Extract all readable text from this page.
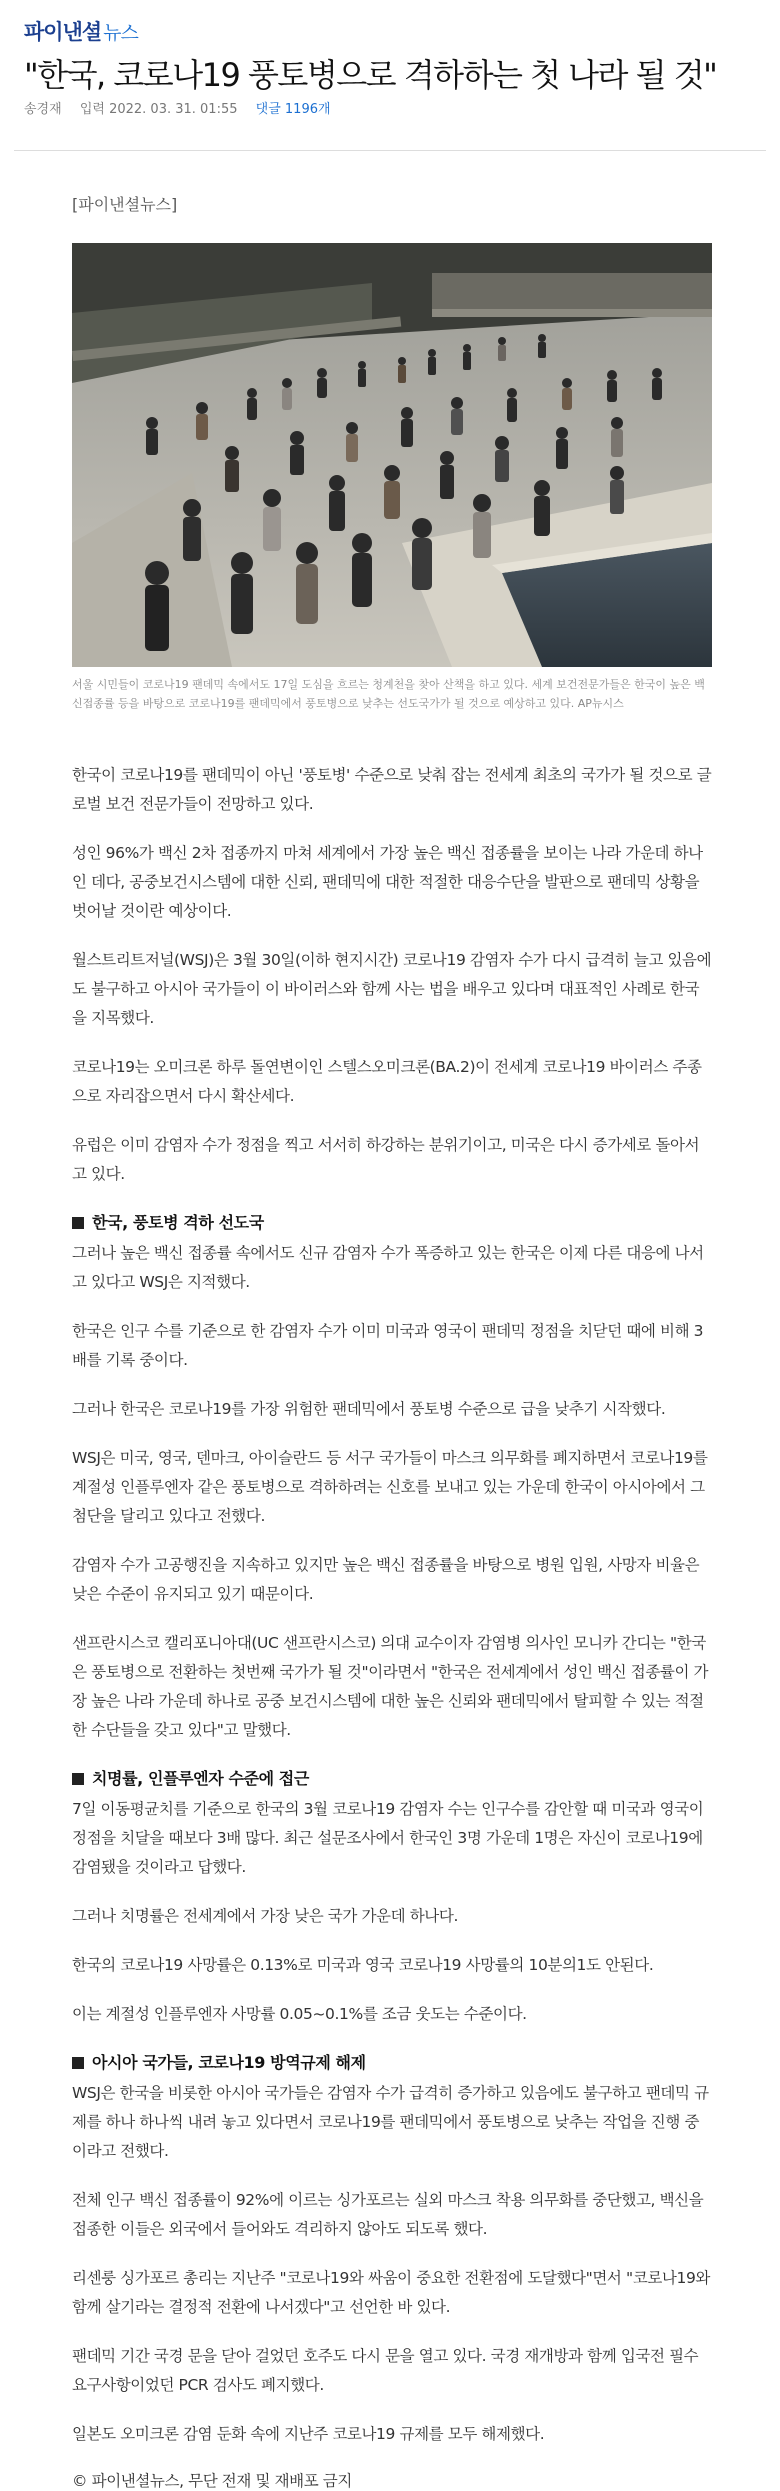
파이낸셜 뉴스
"한국, 코로나19 풍토병으로 격하하는 첫 나라 될 것"
송경재 입력 2022. 03. 31. 01:55 댓글 1196개

[파이낸셜뉴스]

서울 시민들이 코로나19 팬데믹 속에서도 17일 도심을 흐르는 청계천을 찾아 산책을 하고 있다. 세계 보건전문가들은 한국이 높은 백신접종률 등을 바탕으로 코로나19를 팬데믹에서 풍토병으로 낮추는 선도국가가 될 것으로 예상하고 있다. AP뉴시스

한국이 코로나19를 팬데믹이 아닌 '풍토병' 수준으로 낮춰 잡는 전세계 최초의 국가가 될 것으로 글로벌 보건 전문가들이 전망하고 있다.

성인 96%가 백신 2차 접종까지 마쳐 세계에서 가장 높은 백신 접종률을 보이는 나라 가운데 하나인 데다, 공중보건시스템에 대한 신뢰, 팬데믹에 대한 적절한 대응수단을 발판으로 팬데믹 상황을 벗어날 것이란 예상이다.

월스트리트저널(WSJ)은 3월 30일(이하 현지시간) 코로나19 감염자 수가 다시 급격히 늘고 있음에도 불구하고 아시아 국가들이 이 바이러스와 함께 사는 법을 배우고 있다며 대표적인 사례로 한국을 지목했다.

코로나19는 오미크론 하루 돌연변이인 스텔스오미크론(BA.2)이 전세계 코로나19 바이러스 주종으로 자리잡으면서 다시 확산세다.

유럽은 이미 감염자 수가 정점을 찍고 서서히 하강하는 분위기이고, 미국은 다시 증가세로 돌아서고 있다.

한국, 풍토병 격하 선도국

그러나 높은 백신 접종률 속에서도 신규 감염자 수가 폭증하고 있는 한국은 이제 다른 대응에 나서고 있다고 WSJ은 지적했다.

한국은 인구 수를 기준으로 한 감염자 수가 이미 미국과 영국이 팬데믹 정점을 치닫던 때에 비해 3배를 기록 중이다.

그러나 한국은 코로나19를 가장 위험한 팬데믹에서 풍토병 수준으로 급을 낮추기 시작했다.

WSJ은 미국, 영국, 덴마크, 아이슬란드 등 서구 국가들이 마스크 의무화를 폐지하면서 코로나19를 계절성 인플루엔자 같은 풍토병으로 격하하려는 신호를 보내고 있는 가운데 한국이 아시아에서 그 첨단을 달리고 있다고 전했다.

감염자 수가 고공행진을 지속하고 있지만 높은 백신 접종률을 바탕으로 병원 입원, 사망자 비율은 낮은 수준이 유지되고 있기 때문이다.

샌프란시스코 캘리포니아대(UC 샌프란시스코) 의대 교수이자 감염병 의사인 모니카 간디는 "한국은 풍토병으로 전환하는 첫번째 국가가 될 것"이라면서 "한국은 전세계에서 성인 백신 접종률이 가장 높은 나라 가운데 하나로 공중 보건시스템에 대한 높은 신뢰와 팬데믹에서 탈피할 수 있는 적절한 수단들을 갖고 있다"고 말했다.

치명률, 인플루엔자 수준에 접근

7일 이동평균치를 기준으로 한국의 3월 코로나19 감염자 수는 인구수를 감안할 때 미국과 영국이 정점을 치달을 때보다 3배 많다. 최근 설문조사에서 한국인 3명 가운데 1명은 자신이 코로나19에 감염됐을 것이라고 답했다.

그러나 치명률은 전세계에서 가장 낮은 국가 가운데 하나다.

한국의 코로나19 사망률은 0.13%로 미국과 영국 코로나19 사망률의 10분의1도 안된다.

이는 계절성 인플루엔자 사망률 0.05~0.1%를 조금 웃도는 수준이다.

아시아 국가들, 코로나19 방역규제 해제

WSJ은 한국을 비롯한 아시아 국가들은 감염자 수가 급격히 증가하고 있음에도 불구하고 팬데믹 규제를 하나 하나씩 내려 놓고 있다면서 코로나19를 팬데믹에서 풍토병으로 낮추는 작업을 진행 중이라고 전했다.

전체 인구 백신 접종률이 92%에 이르는 싱가포르는 실외 마스크 착용 의무화를 중단했고, 백신을 접종한 이들은 외국에서 들어와도 격리하지 않아도 되도록 했다.

리센룽 싱가포르 총리는 지난주 "코로나19와 싸움이 중요한 전환점에 도달했다"면서 "코로나19와 함께 살기라는 결정적 전환에 나서겠다"고 선언한 바 있다.

팬데믹 기간 국경 문을 닫아 걸었던 호주도 다시 문을 열고 있다. 국경 재개방과 함께 입국전 필수 요구사항이었던 PCR 검사도 폐지했다.

일본도 오미크론 감염 둔화 속에 지난주 코로나19 규제를 모두 해제했다.

© 파이낸셜뉴스, 무단 전재 및 재배포 금지
